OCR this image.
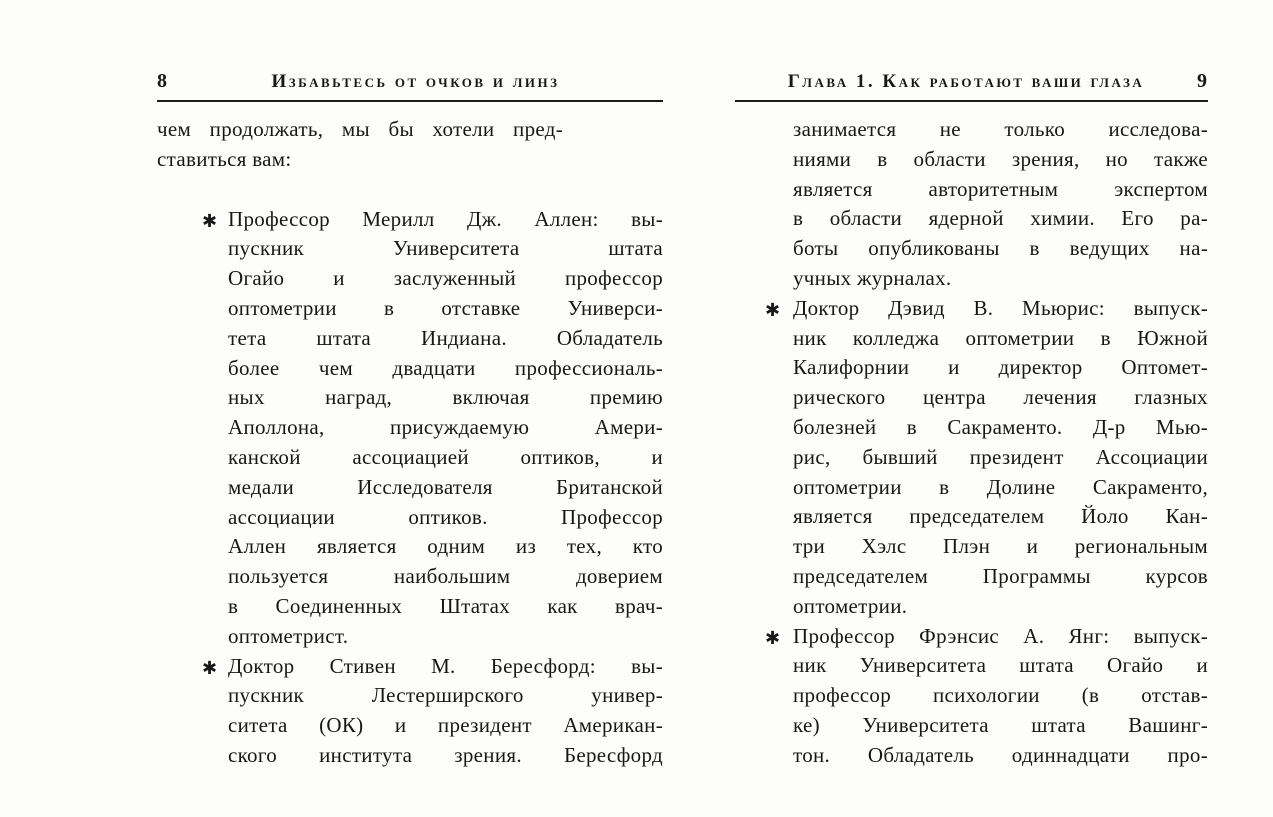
8	Избавьтесь от очков и линз
чем продолжать, мы бы хотели пред-
ставиться вам:
✱ Профессор Мерилл Дж. Аллен: вы-
пускник Университета штата
Огайо и заслуженный профессор
оптометрии в отставке Универси-
тета штата Индиана. Обладатель
более чем двадцати профессиональ-
ных наград, включая премию
Аполлона, присуждаемую Амери-
канской ассоциацией оптиков, и
медали Исследователя Британской
ассоциации оптиков. Профессор
Аллен является одним из тех, кто
пользуется наибольшим доверием
в Соединенных Штатах как врач-
оптометрист.
✱ Доктор Стивен М. Бересфорд: вы-
пускник Лестерширского универ-
ситета (ОК) и президент Американ-
ского института зрения. Бересфорд
Глава 1. Как работают ваши глаза	9
занимается не только исследова-
ниями в области зрения, но также
является авторитетным экспертом
в области ядерной химии. Его ра-
боты опубликованы в ведущих на-
учных журналах.
✱ Доктор Дэвид В. Мьюрис: выпуск-
ник колледжа оптометрии в Южной
Калифорнии и директор Оптомет-
рического центра лечения глазных
болезней в Сакраменто. Д-р Мью-
рис, бывший президент Ассоциации
оптометрии в Долине Сакраменто,
является председателем Йоло Кан-
три Хэлс Плэн и региональным
председателем Программы курсов
оптометрии.
✱ Профессор Фрэнсис А. Янг: выпуск-
ник Университета штата Огайо и
профессор психологии (в отстав-
ке) Университета штата Вашинг-
тон. Обладатель одиннадцати про-
